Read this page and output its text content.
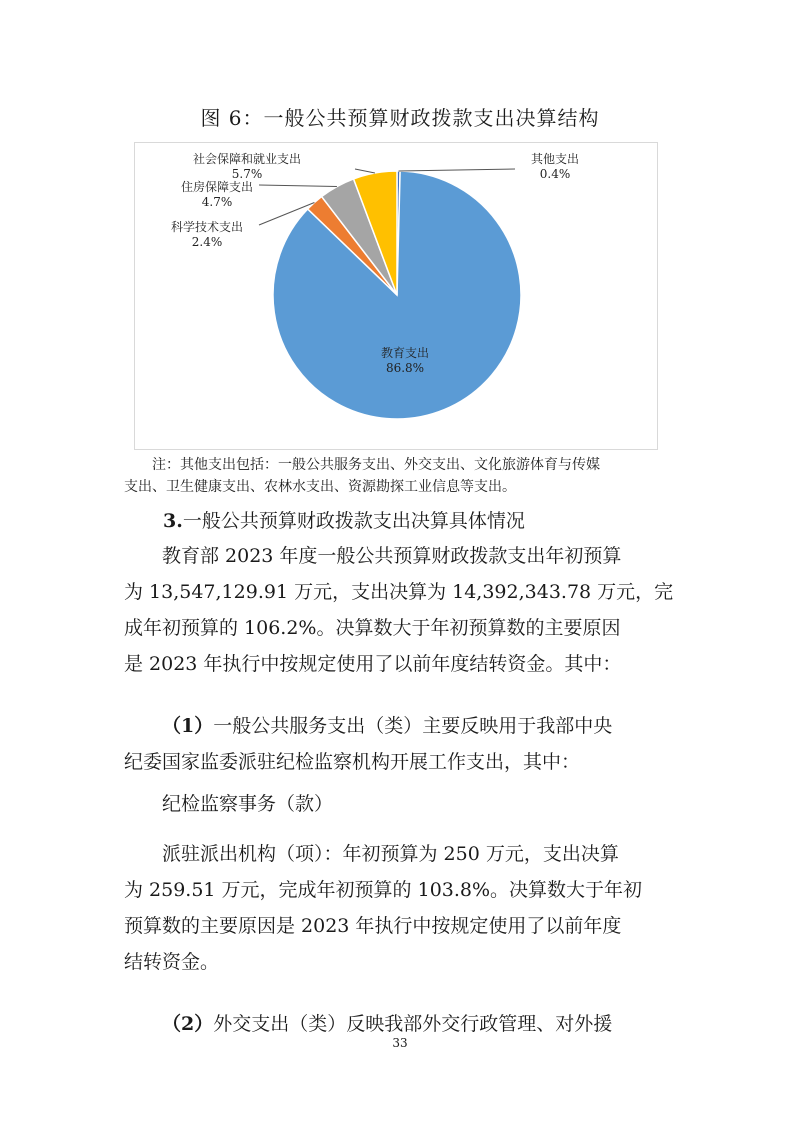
图 6：一般公共预算财政拨款支出决算结构
教育支出
86.8%
科学技术支出
2.4%
住房保障支出
4.7%
社会保障和就业支出
5.7%
其他支出
0.4%

注：其他支出包括：一般公共服务支出、外交支出、文化旅游体育与传媒

支出、卫生健康支出、农林水支出、资源勘探工业信息等支出。

3.一般公共预算财政拨款支出决算具体情况
教育部 2023 年度一般公共预算财政拨款支出年初预算
为 13,547,129.91 万元，支出决算为 14,392,343.78 万元，完
成年初预算的 106.2%。决算数大于年初预算数的主要原因
是 2023 年执行中按规定使用了以前年度结转资金。其中：
（1）一般公共服务支出（类）主要反映用于我部中央
纪委国家监委派驻纪检监察机构开展工作支出，其中：
纪检监察事务（款）
派驻派出机构（项）：年初预算为 250 万元，支出决算
为 259.51 万元，完成年初预算的 103.8%。决算数大于年初
预算数的主要原因是 2023 年执行中按规定使用了以前年度
结转资金。
（2）外交支出（类）反映我部外交行政管理、对外援
33
